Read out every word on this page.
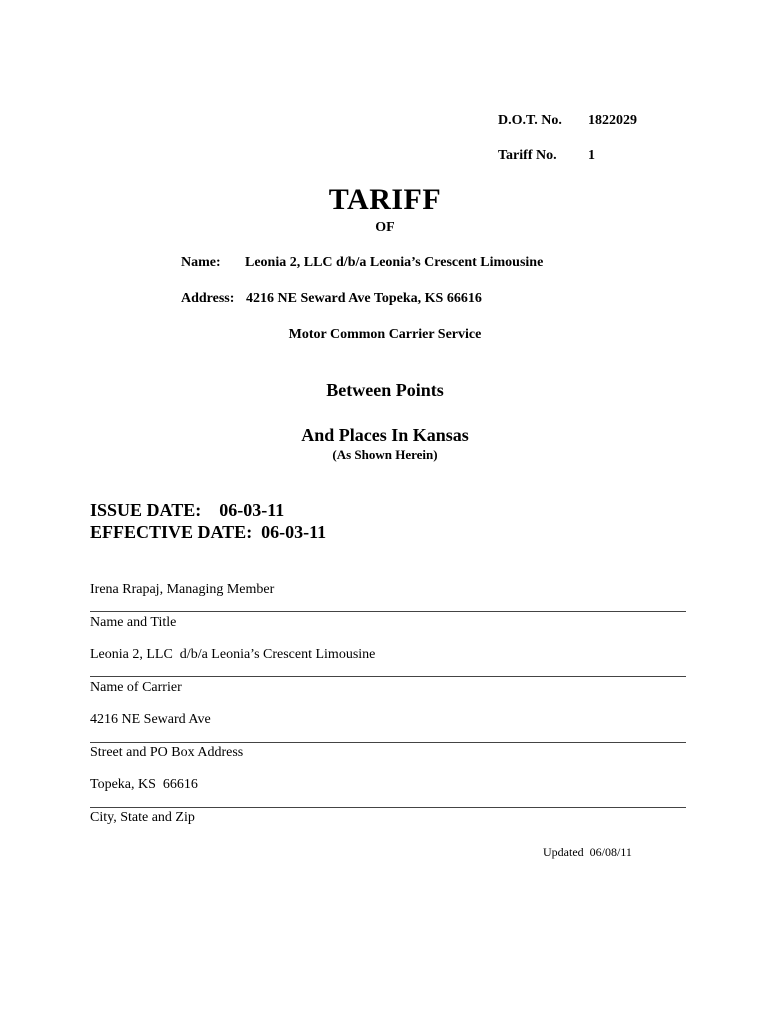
D.O.T. No. 1822029
Tariff No. 1
TARIFF
OF
Name: Leonia 2, LLC d/b/a Leonia’s Crescent Limousine
Address: 4216 NE Seward Ave Topeka, KS 66616
Motor Common Carrier Service
Between Points
And Places In Kansas
(As Shown Herein)
ISSUE DATE:    06-03-11
EFFECTIVE DATE:  06-03-11
Irena Rrapaj, Managing Member
Name and Title
Leonia 2, LLC  d/b/a Leonia’s Crescent Limousine
Name of Carrier
4216 NE Seward Ave
Street and PO Box Address
Topeka, KS  66616
City, State and Zip
Updated  06/08/11
